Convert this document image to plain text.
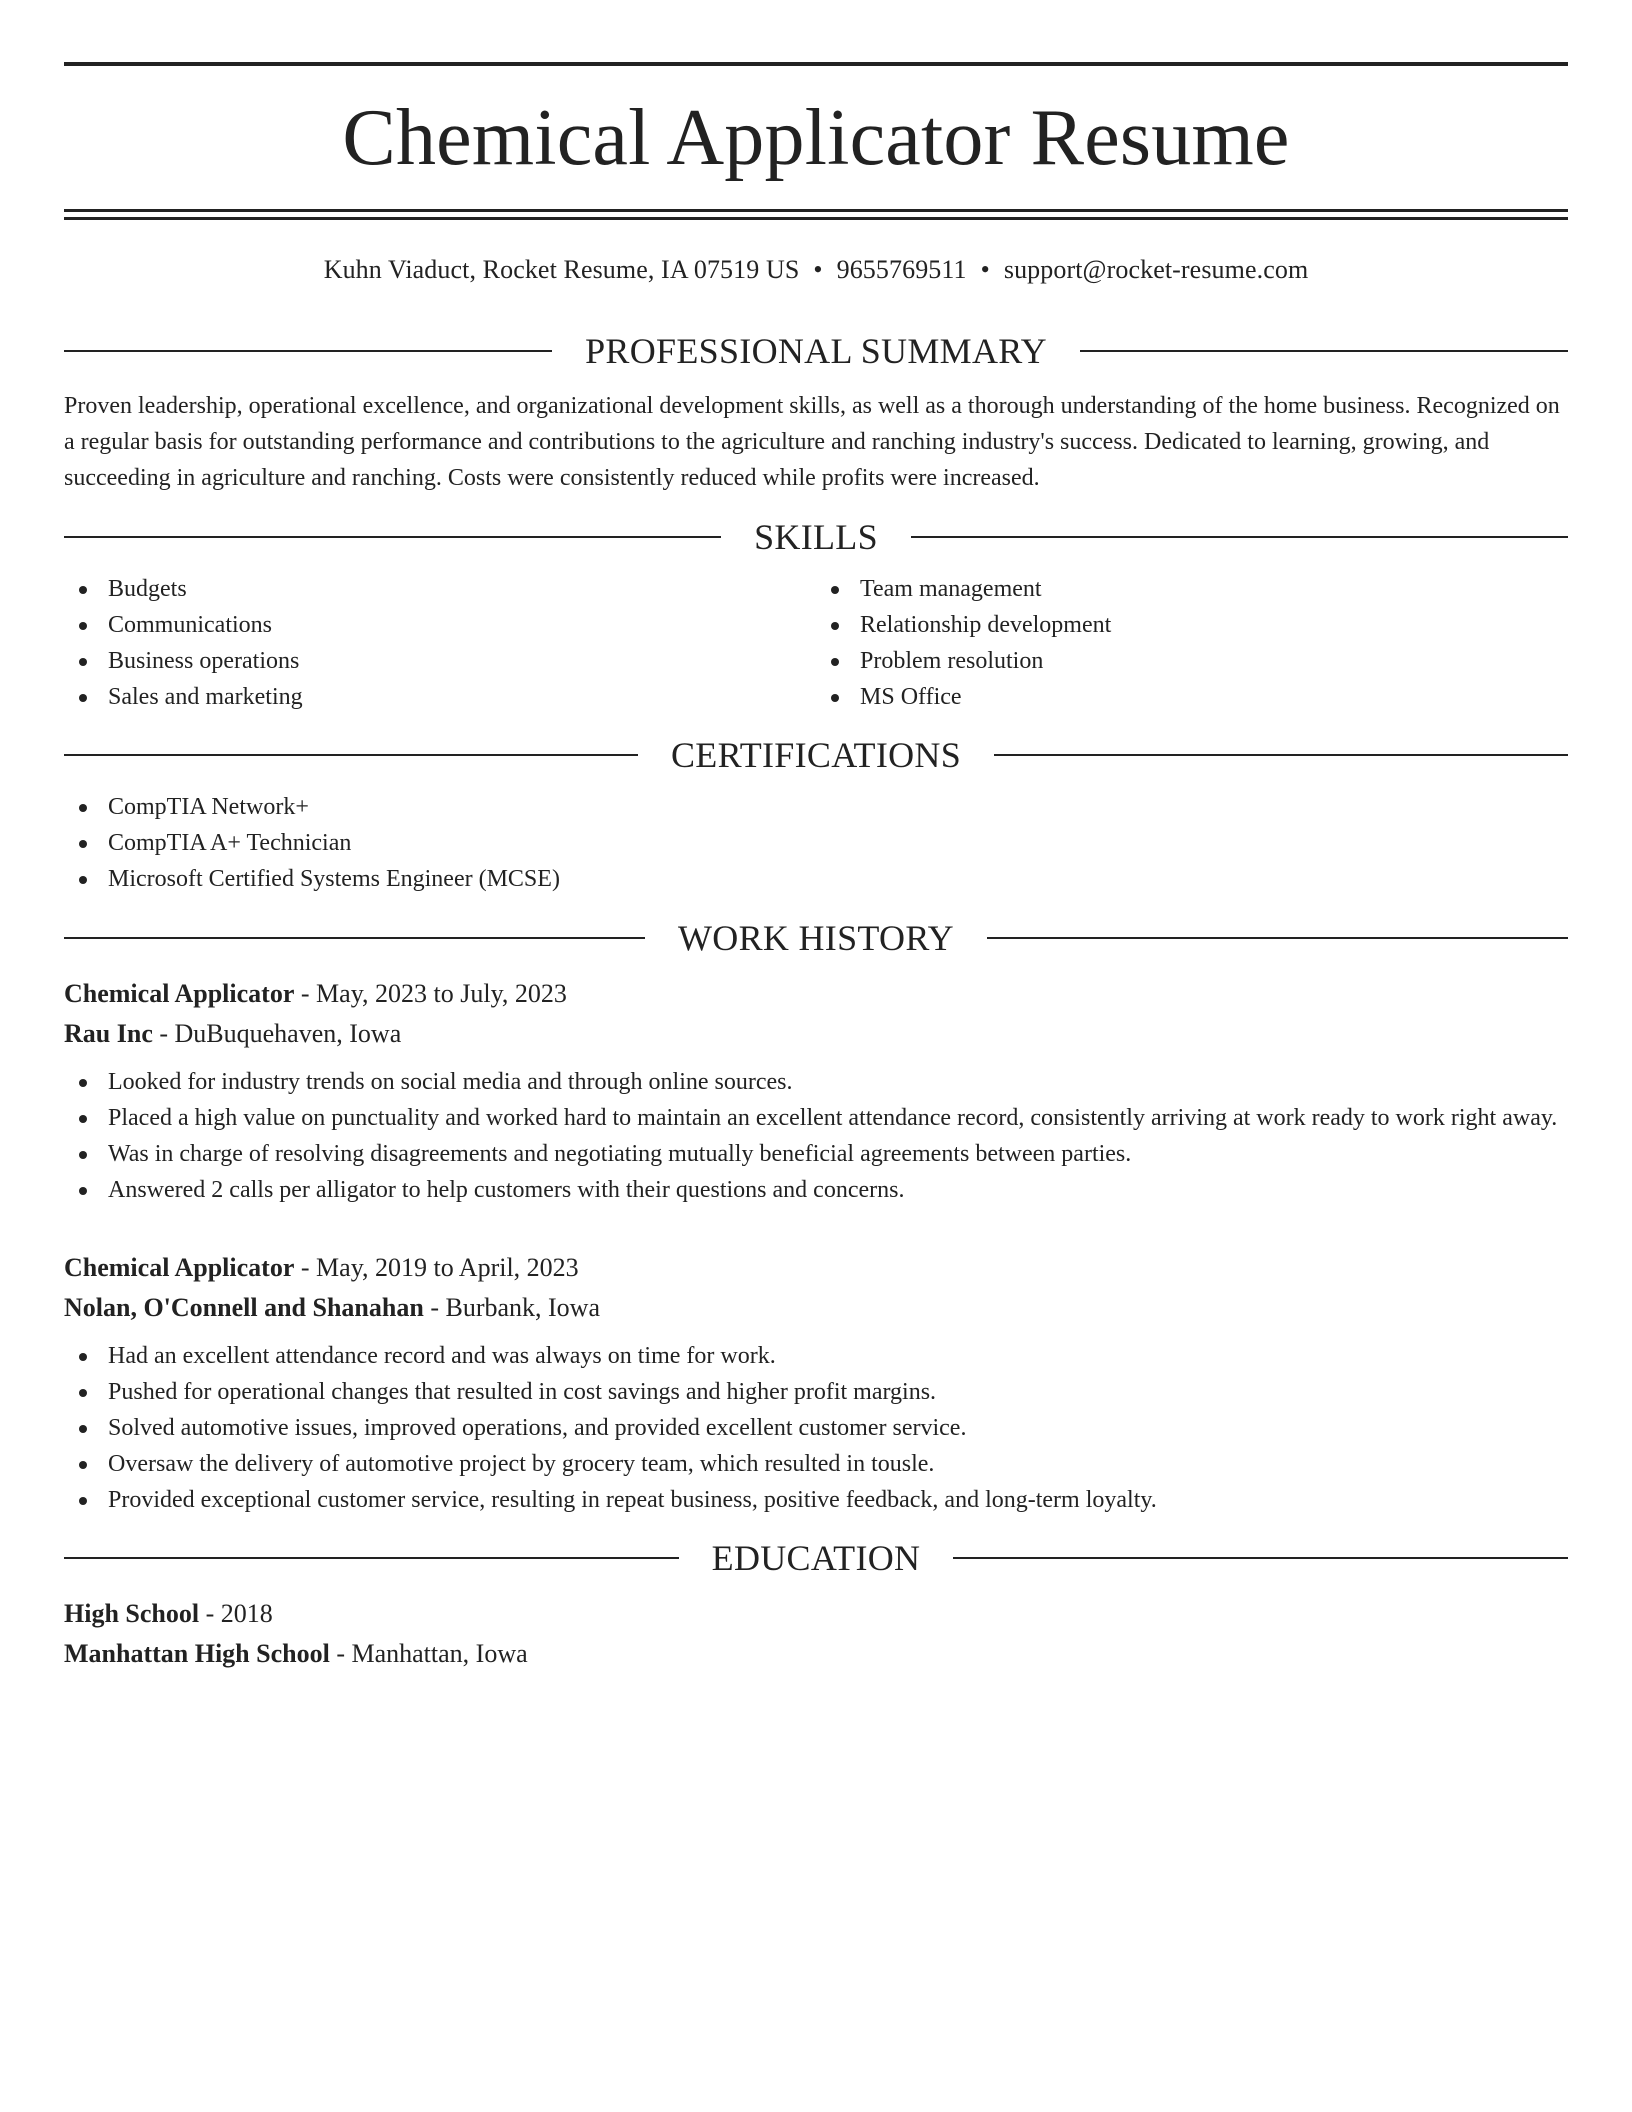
Chemical Applicator Resume
Kuhn Viaduct, Rocket Resume, IA 07519 US • 9655769511 • support@rocket-resume.com
PROFESSIONAL SUMMARY

Proven leadership, operational excellence, and organizational development skills, as well as a thorough understanding of the home business. Recognized on a regular basis for outstanding performance and contributions to the agriculture and ranching industry's success. Dedicated to learning, growing, and succeeding in agriculture and ranching. Costs were consistently reduced while profits were increased.

SKILLS
Budgets
Communications
Business operations
Sales and marketing
Team management
Relationship development
Problem resolution
MS Office
CERTIFICATIONS
CompTIA Network+
CompTIA A+ Technician
Microsoft Certified Systems Engineer (MCSE)
WORK HISTORY
Chemical Applicator - May, 2023 to July, 2023
Rau Inc - DuBuquehaven, Iowa
Looked for industry trends on social media and through online sources.
Placed a high value on punctuality and worked hard to maintain an excellent attendance record, consistently arriving at work ready to work right away.
Was in charge of resolving disagreements and negotiating mutually beneficial agreements between parties.
Answered 2 calls per alligator to help customers with their questions and concerns.
Chemical Applicator - May, 2019 to April, 2023
Nolan, O'Connell and Shanahan - Burbank, Iowa
Had an excellent attendance record and was always on time for work.
Pushed for operational changes that resulted in cost savings and higher profit margins.
Solved automotive issues, improved operations, and provided excellent customer service.
Oversaw the delivery of automotive project by grocery team, which resulted in tousle.
Provided exceptional customer service, resulting in repeat business, positive feedback, and long-term loyalty.
EDUCATION
High School - 2018
Manhattan High School - Manhattan, Iowa
